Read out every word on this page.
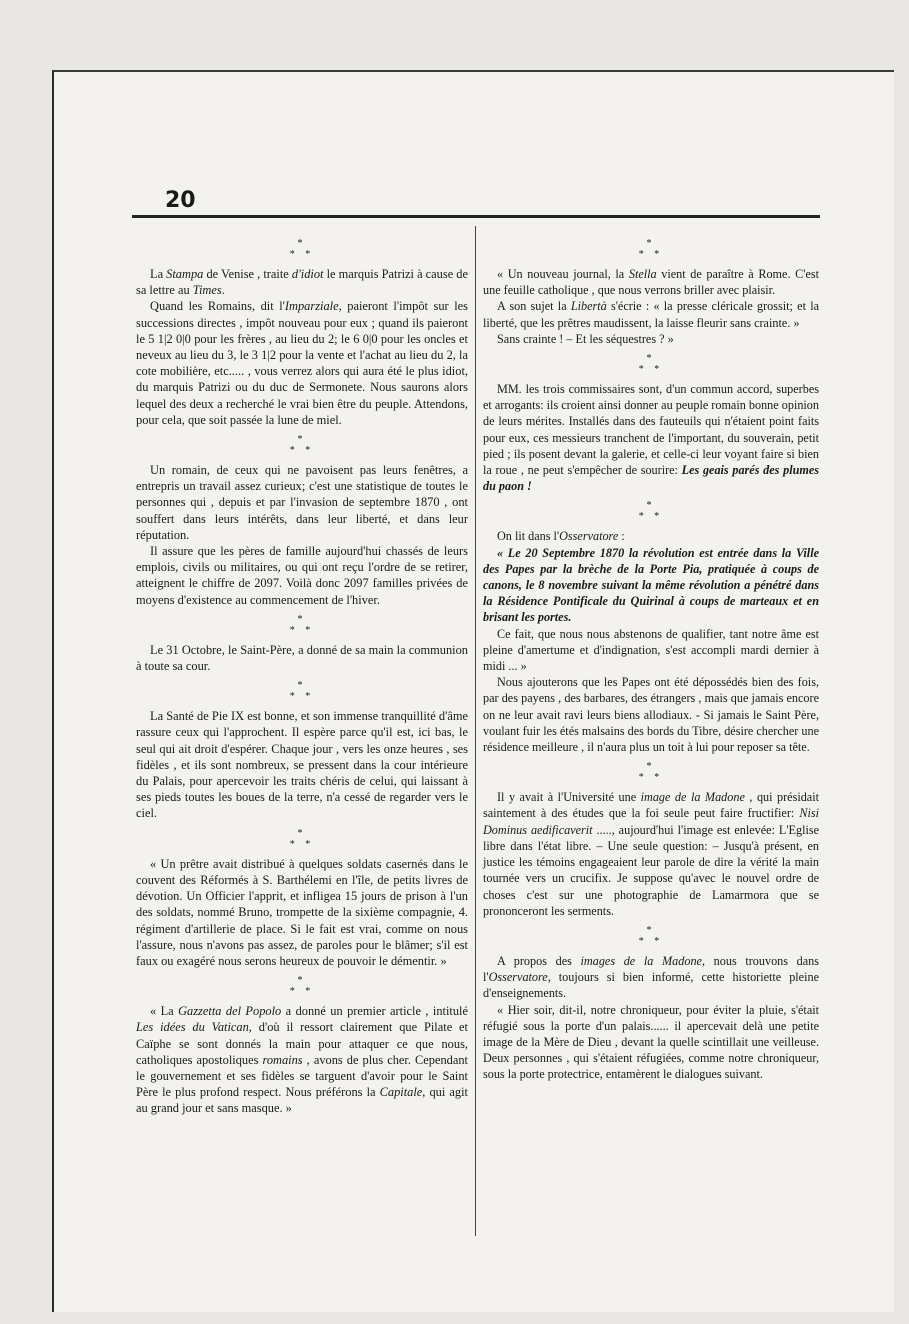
20
*
* *

La Stampa de Venise , traite d'idiot le marquis Patrizi à cause de sa lettre au Times.

Quand les Romains, dit l'Imparziale, paieront l'impôt sur les successions directes , impôt nouveau pour eux ; quand ils paieront le 5 1|2 0|0 pour les frères , au lieu du 2; le 6 0|0 pour les oncles et neveux au lieu du 3, le 3 1|2 pour la vente et l'achat au lieu du 2, la cote mobilière, etc..... , vous verrez alors qui aura été le plus idiot, du marquis Patrizi ou du duc de Sermonete. Nous saurons alors lequel des deux a recherché le vrai bien être du peuple. Attendons, pour cela, que soit passée la lune de miel.

*
* *

Un romain, de ceux qui ne pavoisent pas leurs fenêtres, a entrepris un travail assez curieux; c'est une statistique de toutes le personnes qui , depuis et par l'invasion de septembre 1870 , ont souffert dans leurs intérêts, dans leur liberté, et dans leur réputation.

Il assure que les pères de famille aujourd'hui chassés de leurs emplois, civils ou militaires, ou qui ont reçu l'ordre de se retirer, atteignent le chiffre de 2097. Voilà donc 2097 familles privées de moyens d'existence au commencement de l'hiver.

*
* *

Le 31 Octobre, le Saint-Père, a donné de sa main la communion à toute sa cour.

*
* *

La Santé de Pie IX est bonne, et son immense tranquillité d'âme rassure ceux qui l'approchent. Il espère parce qu'il est, ici bas, le seul qui ait droit d'espérer. Chaque jour , vers les onze heures , ses fidèles , et ils sont nombreux, se pressent dans la cour intérieure du Palais, pour apercevoir les traits chéris de celui, qui laissant à ses pieds toutes les boues de la terre, n'a cessé de regarder vers le ciel.

*
* *

« Un prêtre avait distribué à quelques soldats casernés dans le couvent des Réformés à S. Barthélemi en l'île, de petits livres de dévotion. Un Officier l'apprit, et infligea 15 jours de prison à l'un des soldats, nommé Bruno, trompette de la sixième compagnie, 4. régiment d'artillerie de place. Si le fait est vrai, comme on nous l'assure, nous n'avons pas assez, de paroles pour le blâmer; s'il est faux ou exagéré nous serons heureux de pouvoir le démentir. »

*
* *

« La Gazzetta del Popolo a donné un premier article , intitulé Les idées du Vatican, d'où il ressort clairement que Pilate et Caïphe se sont donnés la main pour attaquer ce que nous, catholiques apostoliques romains , avons de plus cher. Cependant le gouvernement et ses fidèles se targuent d'avoir pour le Saint Père le plus profond respect. Nous préférons la Capitale, qui agit au grand jour et sans masque. »

*
* *

« Un nouveau journal, la Stella vient de paraître à Rome. C'est une feuille catholique , que nous verrons briller avec plaisir.

A son sujet la Libertà s'écrie : « la presse cléricale grossit; et la liberté, que les prêtres maudissent, la laisse fleurir sans crainte. »

Sans crainte ! – Et les séquestres ? »

*
* *

MM. les trois commissaires sont, d'un commun accord, superbes et arrogants: ils croient ainsi donner au peuple romain bonne opinion de leurs mérites. Installés dans des fauteuils qui n'étaient point faits pour eux, ces messieurs tranchent de l'important, du souverain, petit pied ; ils posent devant la galerie, et celle-ci leur voyant faire si bien la roue , ne peut s'empêcher de sourire: Les geais parés des plumes du paon !

*
* *

On lit dans l'Osservatore :

« Le 20 Septembre 1870 la révolution est entrée dans la Ville des Papes par la brèche de la Porte Pia, pratiquée à coups de canons, le 8 novembre suivant la même révolution a pénétré dans la Résidence Pontificale du Quirinal à coups de marteaux et en brisant les portes.

Ce fait, que nous nous abstenons de qualifier, tant notre âme est pleine d'amertume et d'indignation, s'est accompli mardi dernier à midi ... »

Nous ajouterons que les Papes ont été dépossédés bien des fois, par des payens , des barbares, des étrangers , mais que jamais encore on ne leur avait ravi leurs biens allodiaux. - Si jamais le Saint Père, voulant fuir les étés malsains des bords du Tibre, désire chercher une résidence meilleure , il n'aura plus un toit à lui pour reposer sa tête.

*
* *

Il y avait à l'Université une image de la Madone , qui présidait saintement à des études que la foi seule peut faire fructifier: Nisi Dominus aedificaverit ....., aujourd'hui l'image est enlevée: L'Eglise libre dans l'état libre. – Une seule question: – Jusqu'à présent, en justice les témoins engageaient leur parole de dire la vérité la main tournée vers un crucifix. Je suppose qu'avec le nouvel ordre de choses c'est sur une photographie de Lamarmora que se prononceront les serments.

*
* *

A propos des images de la Madone, nous trouvons dans l'Osservatore, toujours si bien informé, cette historiette pleine d'enseignements.

« Hier soir, dit-il, notre chroniqueur, pour éviter la pluie, s'était réfugié sous la porte d'un palais...... il apercevait delà une petite image de la Mère de Dieu , devant la quelle scintillait une veilleuse. Deux personnes , qui s'étaient réfugiées, comme notre chroniqueur, sous la porte protectrice, entamèrent le dialogues suivant.
